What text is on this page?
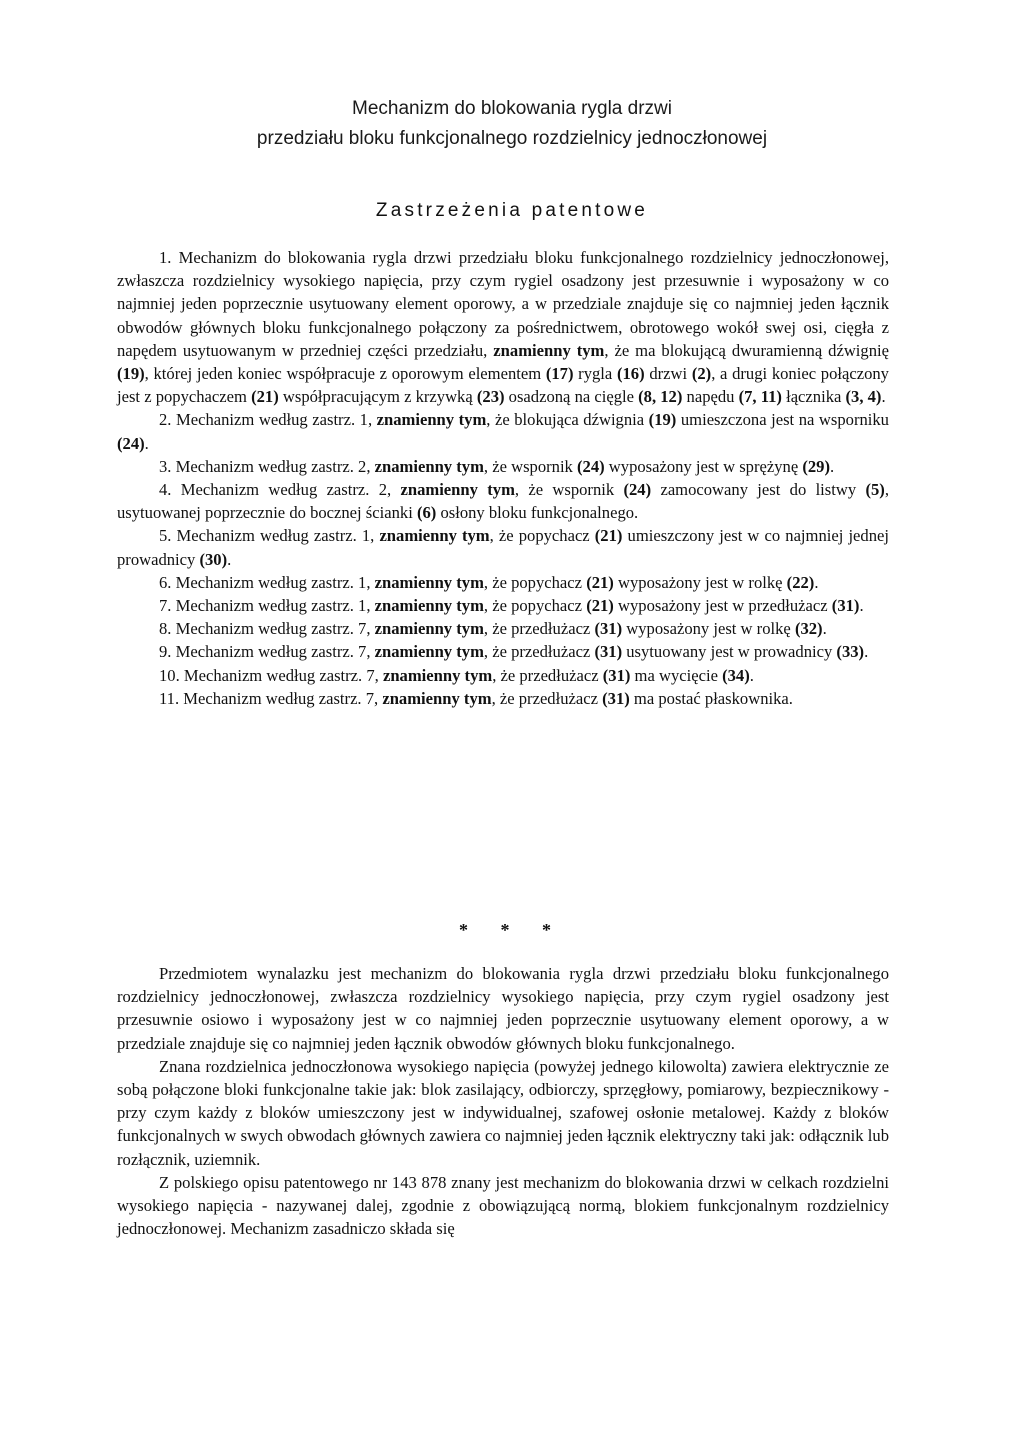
Mechanizm do blokowania rygla drzwi
przedziału bloku funkcjonalnego rozdzielnicy jednoczłonowej
Zastrzeżenia patentowe

1. Mechanizm do blokowania rygla drzwi przedziału bloku funkcjonalnego rozdzielnicy jednoczłonowej, zwłaszcza rozdzielnicy wysokiego napięcia, przy czym rygiel osadzony jest przesuwnie i wyposażony w co najmniej jeden poprzecznie usytuowany element oporowy, a w przedziale znajduje się co najmniej jeden łącznik obwodów głównych bloku funkcjonalnego połączony za pośrednictwem, obrotowego wokół swej osi, cięgła z napędem usytuowanym w przedniej części przedziału, znamienny tym, że ma blokującą dwuramienną dźwignię (19), której jeden koniec współpracuje z oporowym elementem (17) rygla (16) drzwi (2), a drugi koniec połączony jest z popychaczem (21) współpracującym z krzywką (23) osadzoną na cięgle (8, 12) napędu (7, 11) łącznika (3, 4).

2. Mechanizm według zastrz. 1, znamienny tym, że blokująca dźwignia (19) umieszczona jest na wsporniku (24).

3. Mechanizm według zastrz. 2, znamienny tym, że wspornik (24) wyposażony jest w sprężynę (29).

4. Mechanizm według zastrz. 2, znamienny tym, że wspornik (24) zamocowany jest do listwy (5), usytuowanej poprzecznie do bocznej ścianki (6) osłony bloku funkcjonalnego.

5. Mechanizm według zastrz. 1, znamienny tym, że popychacz (21) umieszczony jest w co najmniej jednej prowadnicy (30).

6. Mechanizm według zastrz. 1, znamienny tym, że popychacz (21) wyposażony jest w rolkę (22).

7. Mechanizm według zastrz. 1, znamienny tym, że popychacz (21) wyposażony jest w przedłużacz (31).

8. Mechanizm według zastrz. 7, znamienny tym, że przedłużacz (31) wyposażony jest w rolkę (32).

9. Mechanizm według zastrz. 7, znamienny tym, że przedłużacz (31) usytuowany jest w prowadnicy (33).

10. Mechanizm według zastrz. 7, znamienny tym, że przedłużacz (31) ma wycięcie (34).

11. Mechanizm według zastrz. 7, znamienny tym, że przedłużacz (31) ma postać płaskownika.

* * *

Przedmiotem wynalazku jest mechanizm do blokowania rygla drzwi przedziału bloku funkcjonalnego rozdzielnicy jednoczłonowej, zwłaszcza rozdzielnicy wysokiego napięcia, przy czym rygiel osadzony jest przesuwnie osiowo i wyposażony jest w co najmniej jeden poprzecznie usytuowany element oporowy, a w przedziale znajduje się co najmniej jeden łącznik obwodów głównych bloku funkcjonalnego.

Znana rozdzielnica jednoczłonowa wysokiego napięcia (powyżej jednego kilowolta) zawiera elektrycznie ze sobą połączone bloki funkcjonalne takie jak: blok zasilający, odbiorczy, sprzęgłowy, pomiarowy, bezpiecznikowy - przy czym każdy z bloków umieszczony jest w indywidualnej, szafowej osłonie metalowej. Każdy z bloków funkcjonalnych w swych obwodach głównych zawiera co najmniej jeden łącznik elektryczny taki jak: odłącznik lub rozłącznik, uziemnik.

Z polskiego opisu patentowego nr 143 878 znany jest mechanizm do blokowania drzwi w celkach rozdzielni wysokiego napięcia - nazywanej dalej, zgodnie z obowiązującą normą, blokiem funkcjonalnym rozdzielnicy jednoczłonowej. Mechanizm zasadniczo składa się
